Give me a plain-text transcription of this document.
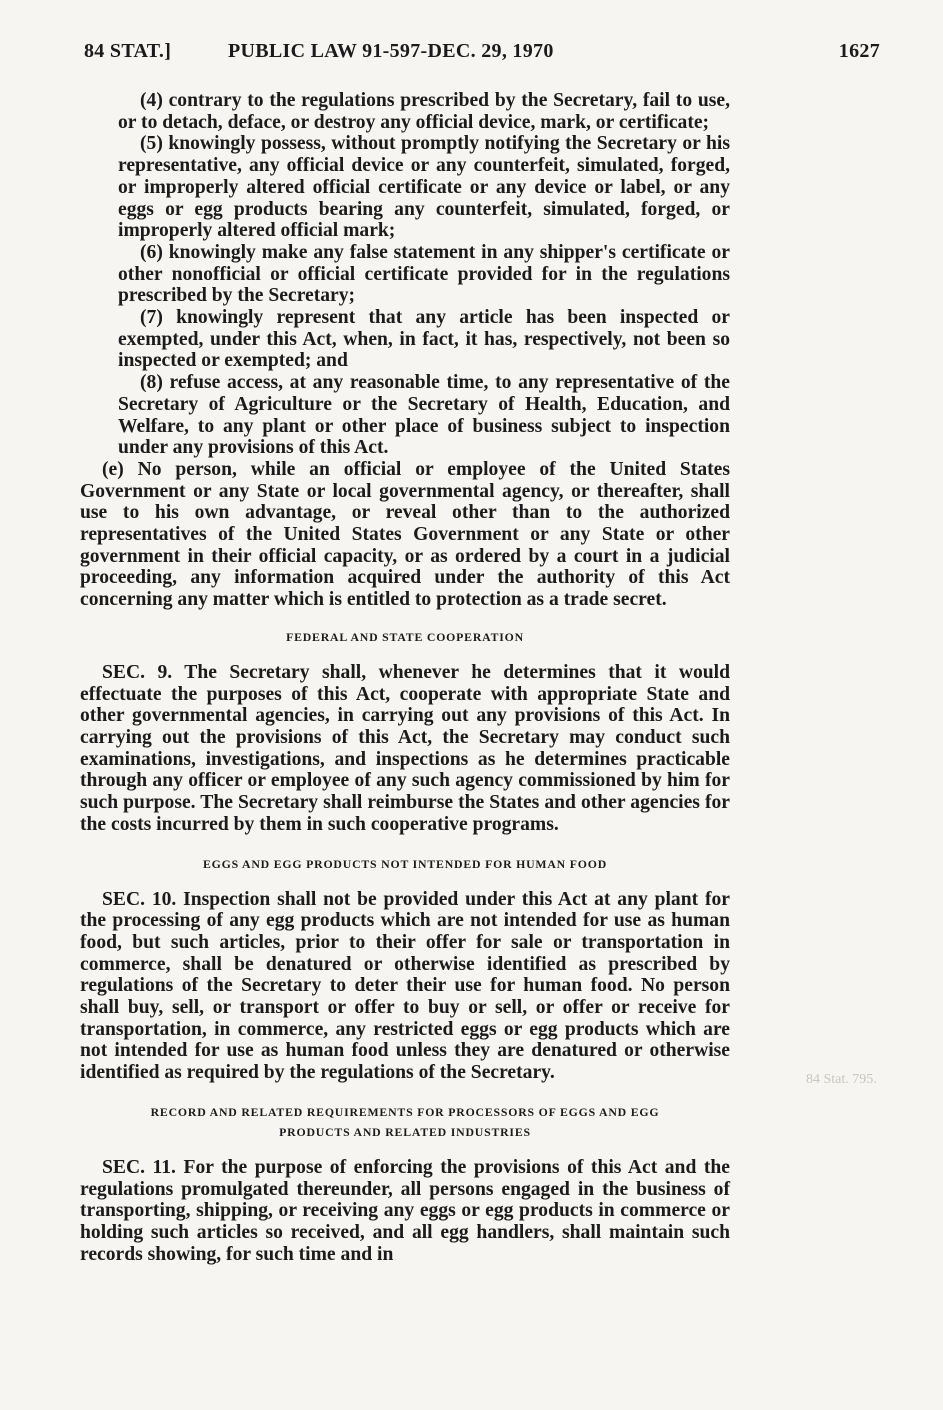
84 STAT.]	PUBLIC LAW 91-597-DEC. 29, 1970	1627

(4) contrary to the regulations prescribed by the Secretary, fail to use, or to detach, deface, or destroy any official device, mark, or certificate;

(5) knowingly possess, without promptly notifying the Secretary or his representative, any official device or any counterfeit, simulated, forged, or improperly altered official certificate or any device or label, or any eggs or egg products bearing any counterfeit, simulated, forged, or improperly altered official mark;

(6) knowingly make any false statement in any shipper's certificate or other nonofficial or official certificate provided for in the regulations prescribed by the Secretary;

(7) knowingly represent that any article has been inspected or exempted, under this Act, when, in fact, it has, respectively, not been so inspected or exempted; and

(8) refuse access, at any reasonable time, to any representative of the Secretary of Agriculture or the Secretary of Health, Education, and Welfare, to any plant or other place of business subject to inspection under any provisions of this Act.

(e) No person, while an official or employee of the United States Government or any State or local governmental agency, or thereafter, shall use to his own advantage, or reveal other than to the authorized representatives of the United States Government or any State or other government in their official capacity, or as ordered by a court in a judicial proceeding, any information acquired under the authority of this Act concerning any matter which is entitled to protection as a trade secret.

FEDERAL AND STATE COOPERATION

SEC. 9. The Secretary shall, whenever he determines that it would effectuate the purposes of this Act, cooperate with appropriate State and other governmental agencies, in carrying out any provisions of this Act. In carrying out the provisions of this Act, the Secretary may conduct such examinations, investigations, and inspections as he determines practicable through any officer or employee of any such agency commissioned by him for such purpose. The Secretary shall reimburse the States and other agencies for the costs incurred by them in such cooperative programs.

EGGS AND EGG PRODUCTS NOT INTENDED FOR HUMAN FOOD

SEC. 10. Inspection shall not be provided under this Act at any plant for the processing of any egg products which are not intended for use as human food, but such articles, prior to their offer for sale or transportation in commerce, shall be denatured or otherwise identified as prescribed by regulations of the Secretary to deter their use for human food. No person shall buy, sell, or transport or offer to buy or sell, or offer or receive for transportation, in commerce, any restricted eggs or egg products which are not intended for use as human food unless they are denatured or otherwise identified as required by the regulations of the Secretary.

RECORD AND RELATED REQUIREMENTS FOR PROCESSORS OF EGGS AND EGG
PRODUCTS AND RELATED INDUSTRIES

SEC. 11. For the purpose of enforcing the provisions of this Act and the regulations promulgated thereunder, all persons engaged in the business of transporting, shipping, or receiving any eggs or egg products in commerce or holding such articles so received, and all egg handlers, shall maintain such records showing, for such time and in

84 Stat. 795.
